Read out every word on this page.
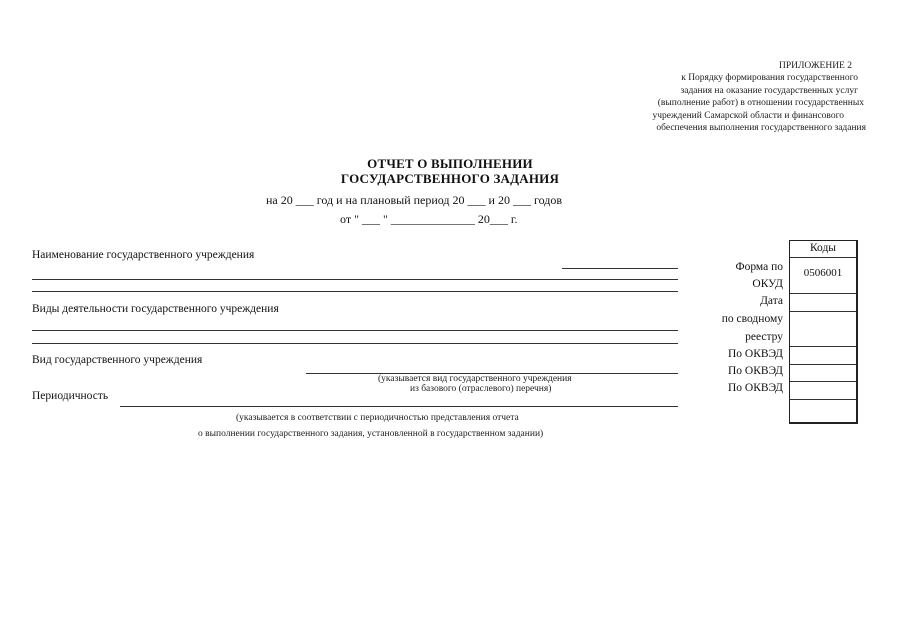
ПРИЛОЖЕНИЕ 2
к Порядку формирования государственного
задания на оказание государственных услуг
(выполнение работ) в отношении государственных
учреждений Самарской области и финансового
обеспечения выполнения государственного задания
ОТЧЕТ О ВЫПОЛНЕНИИ
ГОСУДАРСТВЕННОГО ЗАДАНИЯ
на 20 ___ год и на плановый период 20 ___ и 20 ___ годов
от " ___ " ______________ 20___ г.
Наименование государственного учреждения
Виды деятельности государственного учреждения
Вид государственного учреждения
(указывается вид государственного учреждения
из базового (отраслевого) перечня)
Периодичность
(указывается в соответствии с периодичностью представления отчета
о выполнении государственного задания, установленной в государственном задании)
Форма по
ОКУД
Дата
по сводному
реестру
По ОКВЭД
По ОКВЭД
По ОКВЭД
Коды
0506001
